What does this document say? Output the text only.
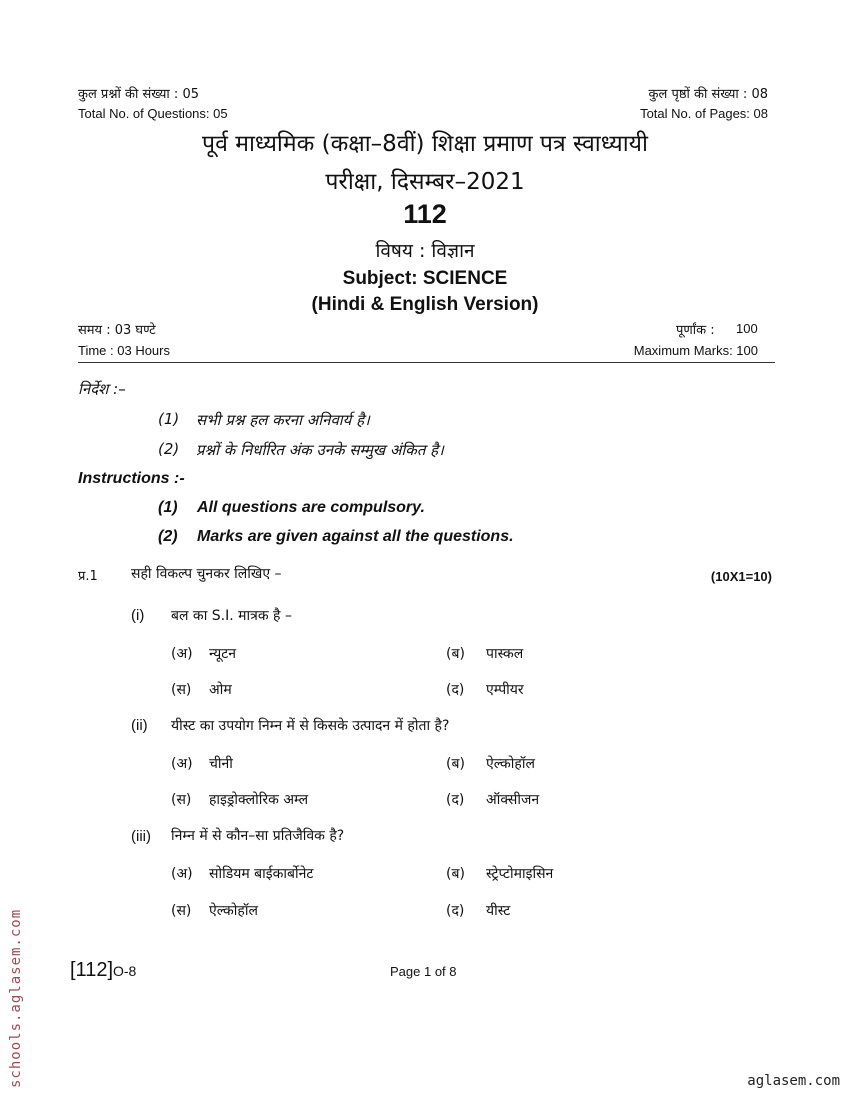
कुल प्रश्नों की संख्या : 05
Total No. of Questions: 05
कुल पृष्ठों की संख्या : 08
Total No. of Pages: 08
पूर्व माध्यमिक (कक्षा–8वीं) शिक्षा प्रमाण पत्र स्वाध्यायी
परीक्षा, दिसम्बर–2021
112
विषय : विज्ञान
Subject: SCIENCE
(Hindi & English Version)
समय : 03 घण्टे
Time : 03 Hours
पूर्णांक : 100
Maximum Marks: 100
निर्देश :–
(1) सभी प्रश्न हल करना अनिवार्य है।
(2) प्रश्नों के निर्धारित अंक उनके सम्मुख अंकित है।
Instructions :-
(1) All questions are compulsory.
(2) Marks are given against all the questions.
प्र.1 सही विकल्प चुनकर लिखिए –	(10X1=10)
(i) बल का S.I. मात्रक है –
(अ) न्यूटन	(ब) पास्कल
(स) ओम	(द) एम्पीयर
(ii) यीस्ट का उपयोग निम्न में से किसके उत्पादन में होता है?
(अ) चीनी	(ब) ऐल्कोहॉल
(स) हाइड्रोक्लोरिक अम्ल	(द) ऑक्सीजन
(iii) निम्न में से कौन–सा प्रतिजैविक है?
(अ) सोडियम बाईकार्बोनेट	(ब) स्ट्रेप्टोमाइसिन
(स) ऐल्कोहॉल	(द) यीस्ट
[112]O-8	Page 1 of 8
aglasem.com
schools.aglasem.com
